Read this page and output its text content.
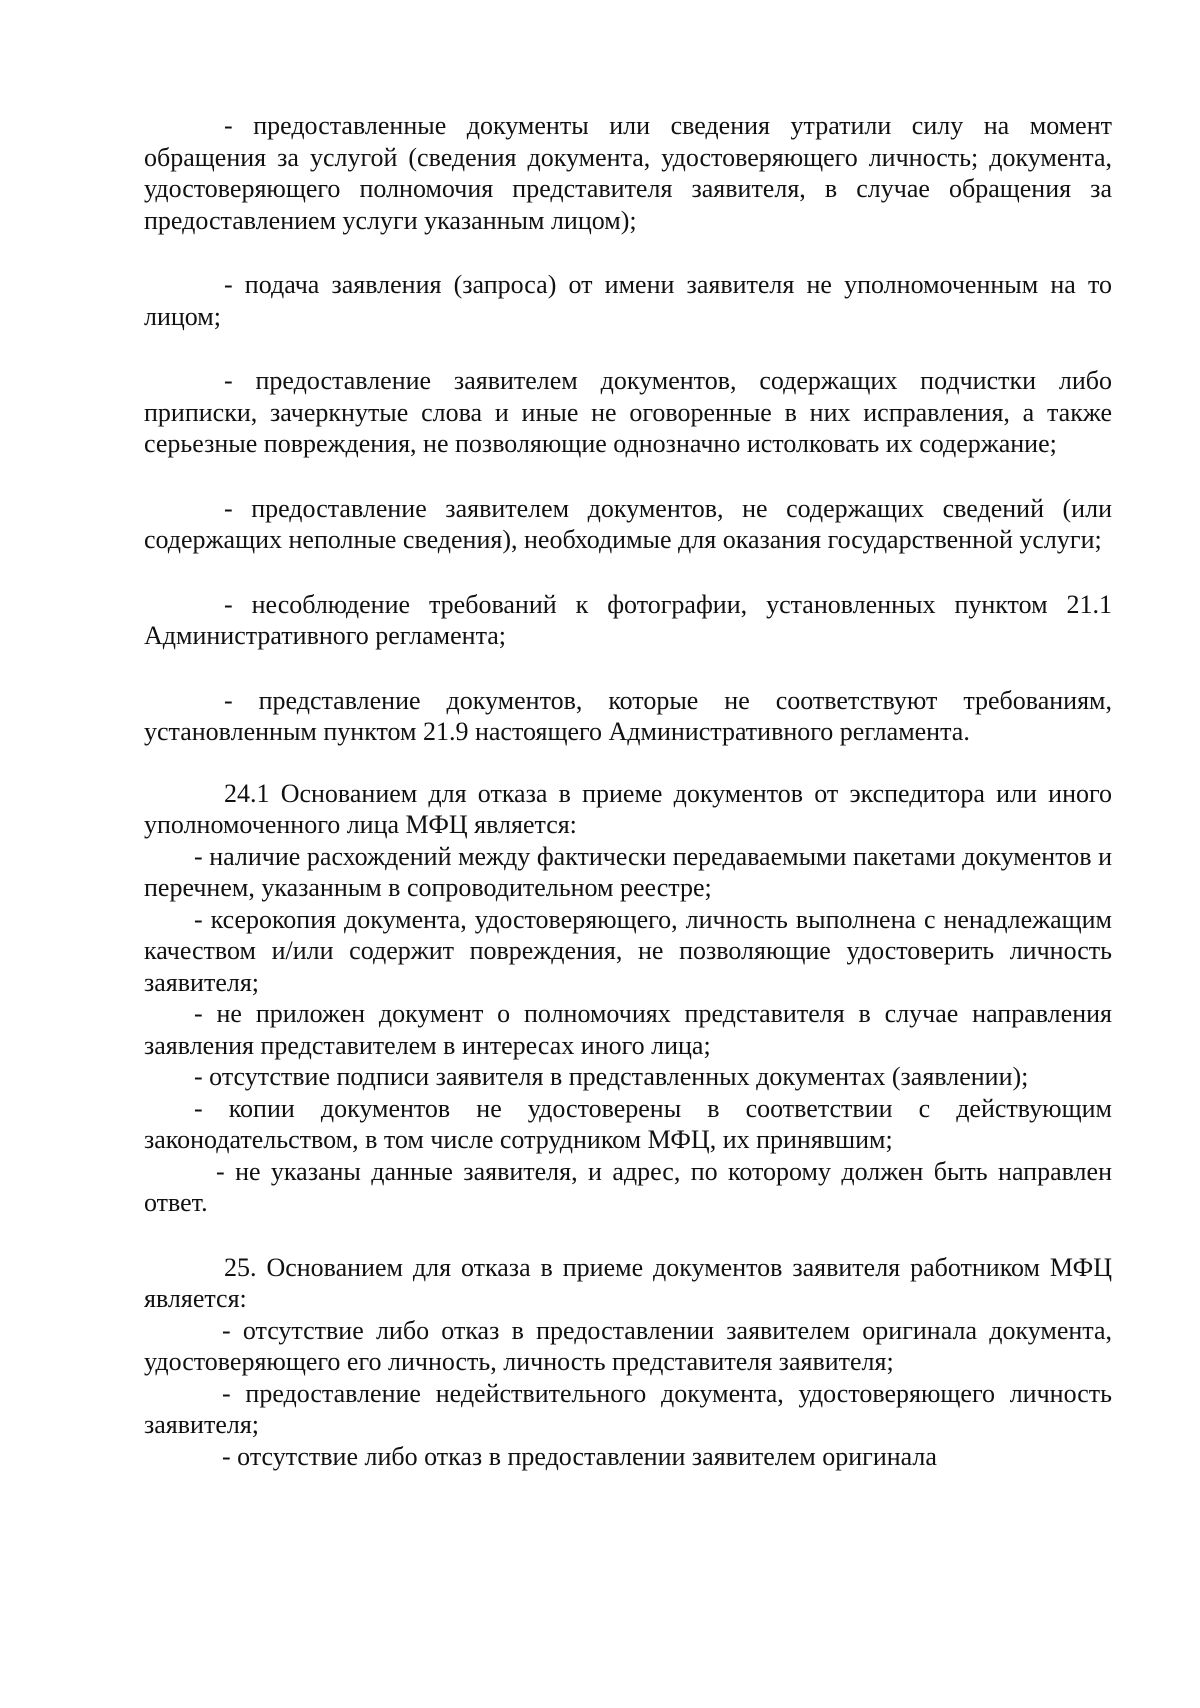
- предоставленные документы или сведения утратили силу на момент обращения за услугой (сведения документа, удостоверяющего личность; документа, удостоверяющего полномочия представителя заявителя, в случае обращения за предоставлением услуги указанным лицом);

- подача заявления (запроса) от имени заявителя не уполномоченным на то лицом;

- предоставление заявителем документов, содержащих подчистки либо приписки, зачеркнутые слова и иные не оговоренные в них исправления, а также серьезные повреждения, не позволяющие однозначно истолковать их содержание;

- предоставление заявителем документов, не содержащих сведений (или содержащих неполные сведения), необходимые для оказания государственной услуги;

- несоблюдение требований к фотографии, установленных пунктом 21.1 Административного регламента;

- представление документов, которые не соответствуют требованиям, установленным пунктом 21.9 настоящего Административного регламента.

24.1 Основанием для отказа в приеме документов от экспедитора или иного уполномоченного лица МФЦ является:

- наличие расхождений между фактически передаваемыми пакетами документов и перечнем, указанным в сопроводительном реестре;

- ксерокопия документа, удостоверяющего, личность выполнена с ненадлежащим качеством и/или содержит повреждения, не позволяющие удостоверить личность заявителя;

- не приложен документ о полномочиях представителя в случае направления заявления представителем в интересах иного лица;

- отсутствие подписи заявителя в представленных документах (заявлении);

- копии документов не удостоверены в соответствии с действующим законодательством, в том числе сотрудником МФЦ, их принявшим;

- не указаны данные заявителя, и адрес, по которому должен быть направлен ответ.

25. Основанием для отказа в приеме документов заявителя работником МФЦ является:

- отсутствие либо отказ в предоставлении заявителем оригинала документа, удостоверяющего его личность, личность представителя заявителя;

- предоставление недействительного документа, удостоверяющего личность заявителя;

- отсутствие либо отказ в предоставлении заявителем оригинала
